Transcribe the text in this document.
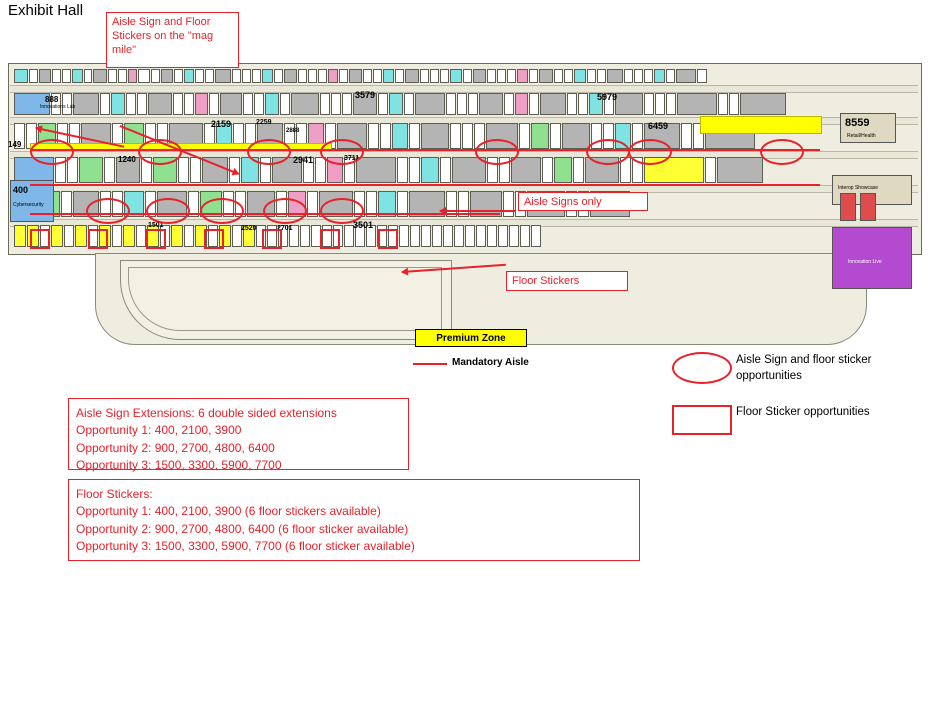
Exhibit Hall
Interop Showcase
Innovation Live
400
Cybersecurity
149
888
Innovations Lab
1240
1501
2159	2259
2520	2701
2888
2941
3501
3579
3711
5979
6459	8559
Retail/Health
Aisle Sign and Floor Stickers on the "mag mile"
Aisle Signs only
Floor Stickers
Premium Zone
Mandatory Aisle	Aisle Sign and floor sticker opportunities
Floor Sticker opportunities
Aisle Sign Extensions: 6 double sided extensions
Opportunity 1: 400, 2100, 3900
Opportunity 2: 900, 2700, 4800, 6400
Opportunity 3: 1500, 3300, 5900, 7700
Floor Stickers:
Opportunity 1: 400, 2100, 3900 (6 floor stickers available)
Opportunity 2: 900, 2700, 4800, 6400 (6 floor sticker available)
Opportunity 3: 1500, 3300, 5900, 7700 (6 floor sticker available)
